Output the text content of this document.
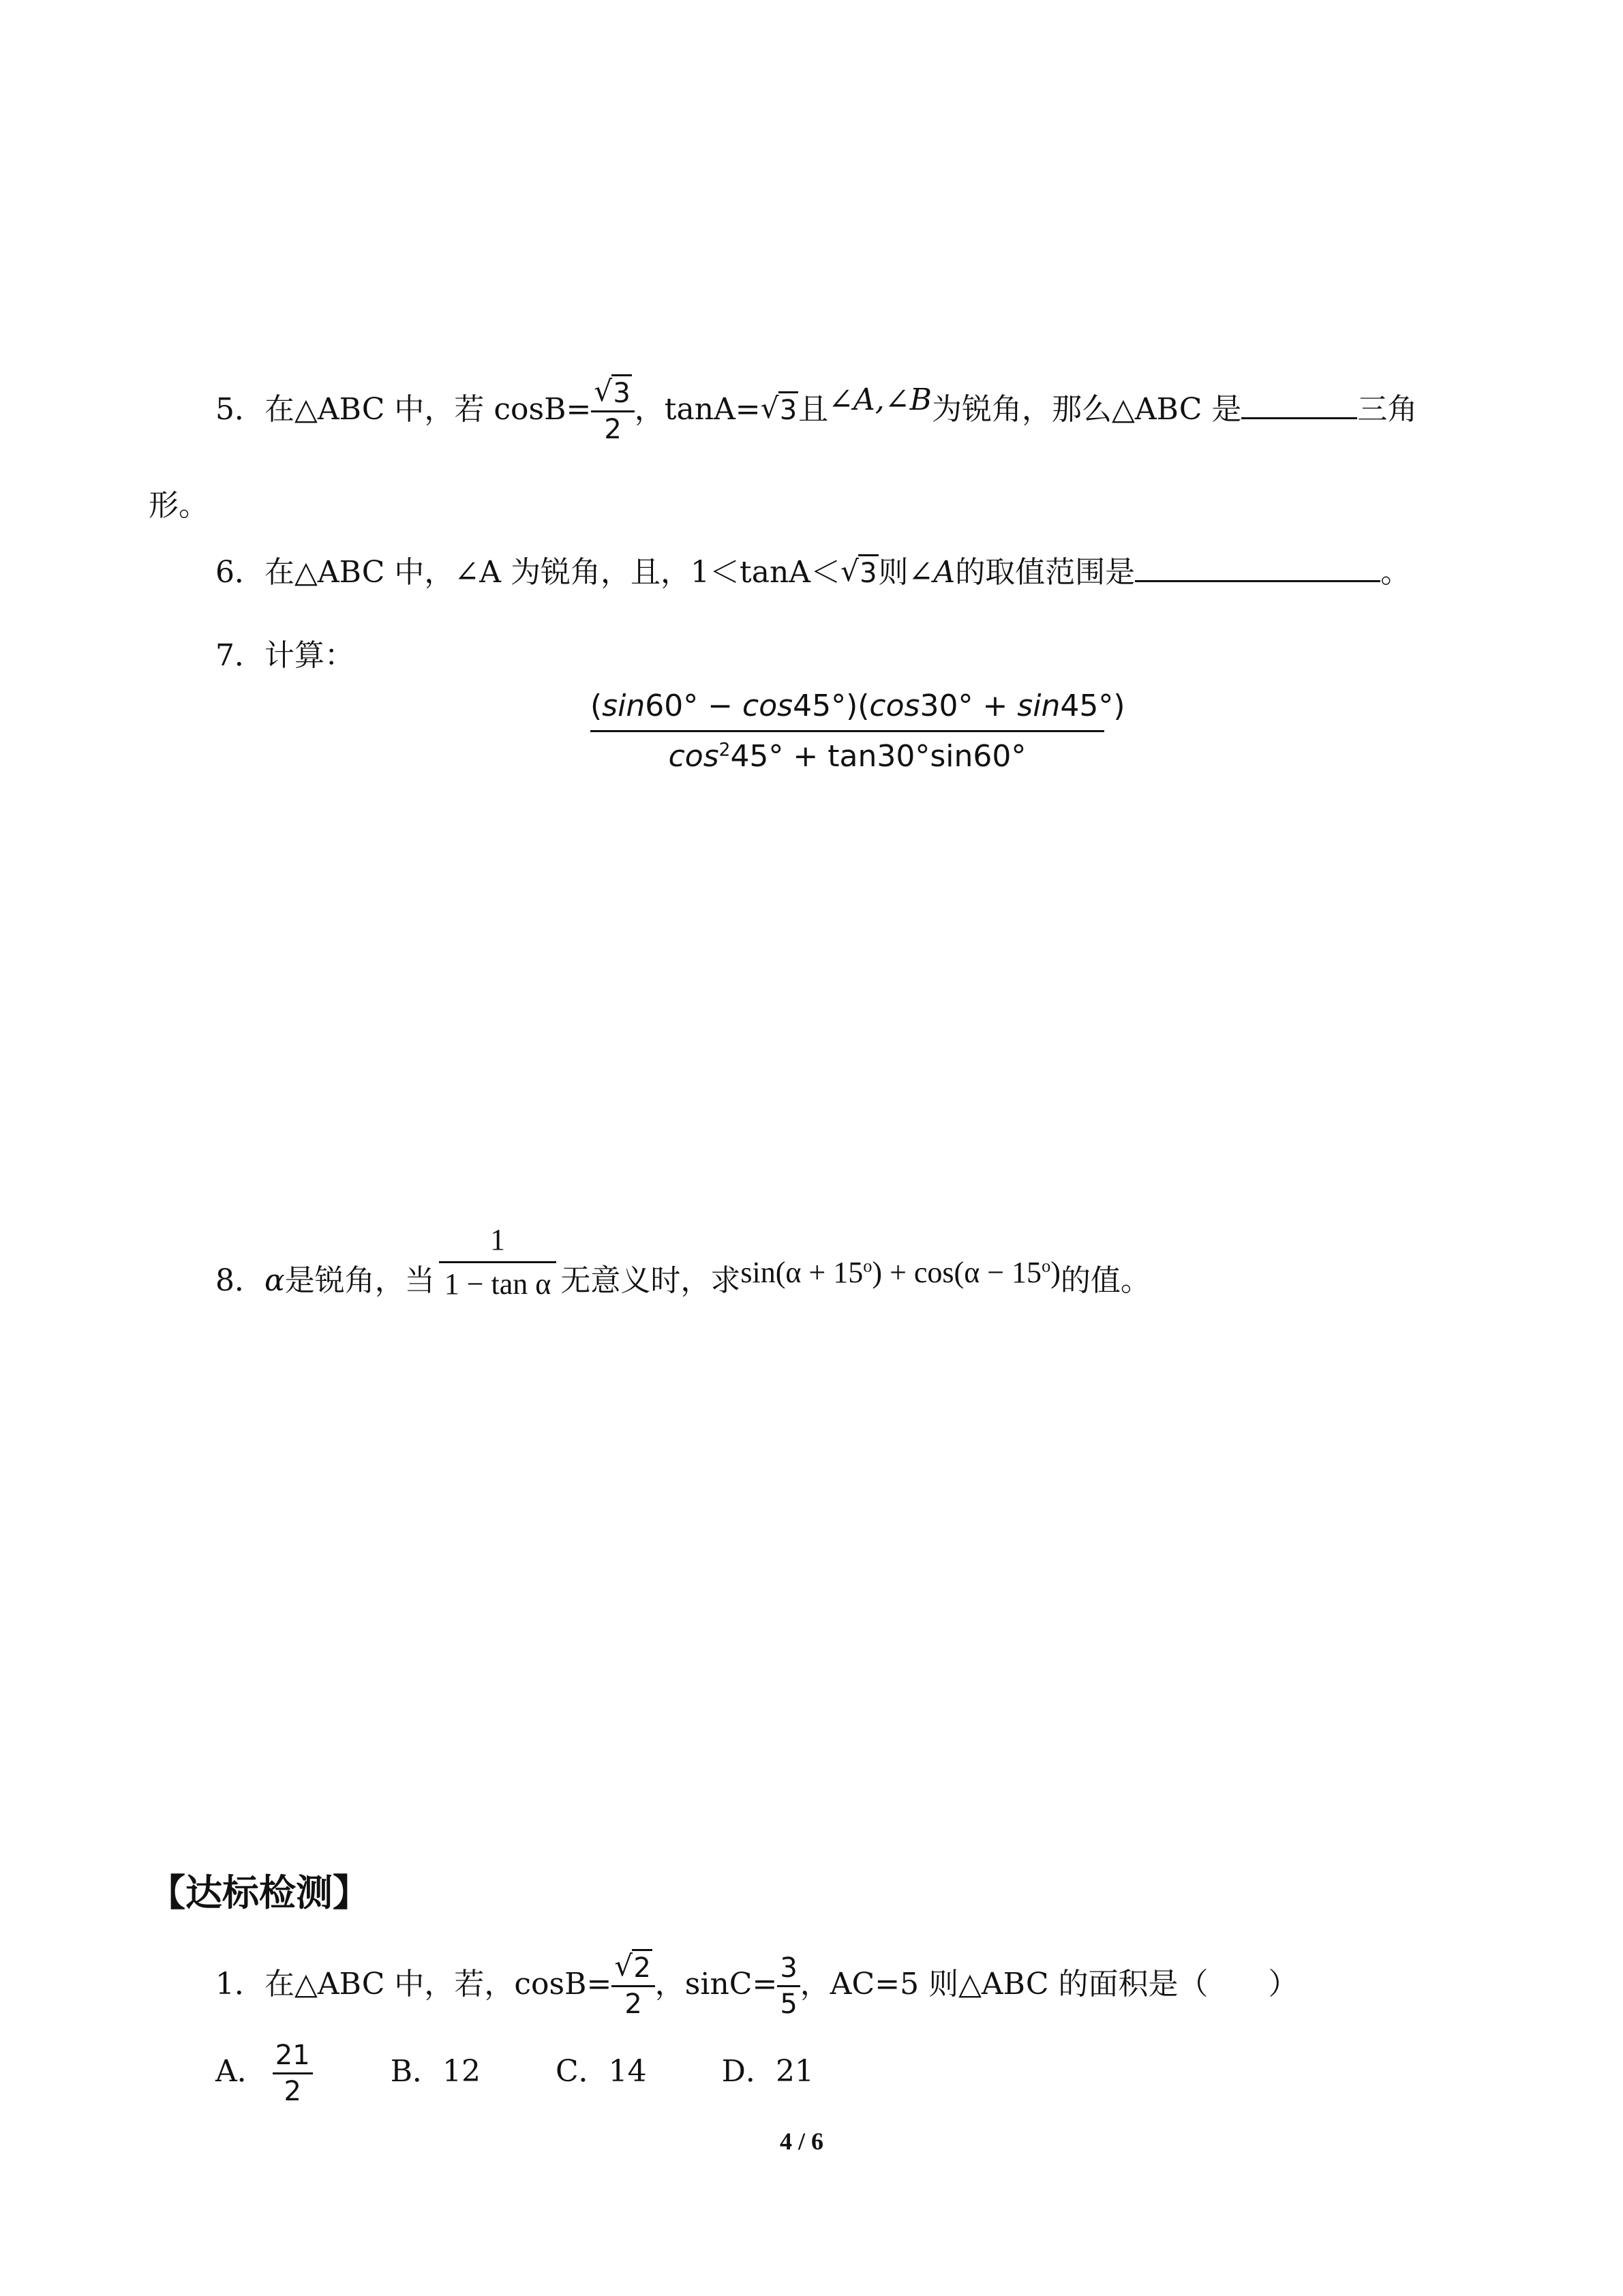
5．在△ABC 中，若 $\cos B= \frac{√ 3}{2}$ ，tanA= √ 3且∠A,∠B为锐角，那么△ABC 是	三角
形。
6．在△ABC 中，∠A 为锐角，且，1＜tanA＜ √ 3则∠A的取值范围是	。
7．计算：
$\frac{(\sin 60^\circ - \cos 45^\circ)(\cos 30^\circ + \sin 45^\circ)}{\cos^245^\circ + \tan 30^\circ\sin 60^\circ}$
8．α是锐角，当 $\frac{1}{\text{1 − tan α}}$ 无意义时，求$\sin(\alpha + 15^o) + \cos(\alpha - 15^o)$的值。
【达标检测】
1．在△ABC 中，若，$\cos B= \frac{√ 2}{2}$ ，$\sin C= \frac{3}{5}$ ，AC=5 则△ABC 的面积是（　　）
A． $\frac{21}{2}$	B．12	C．14	D．21
4 / 6
